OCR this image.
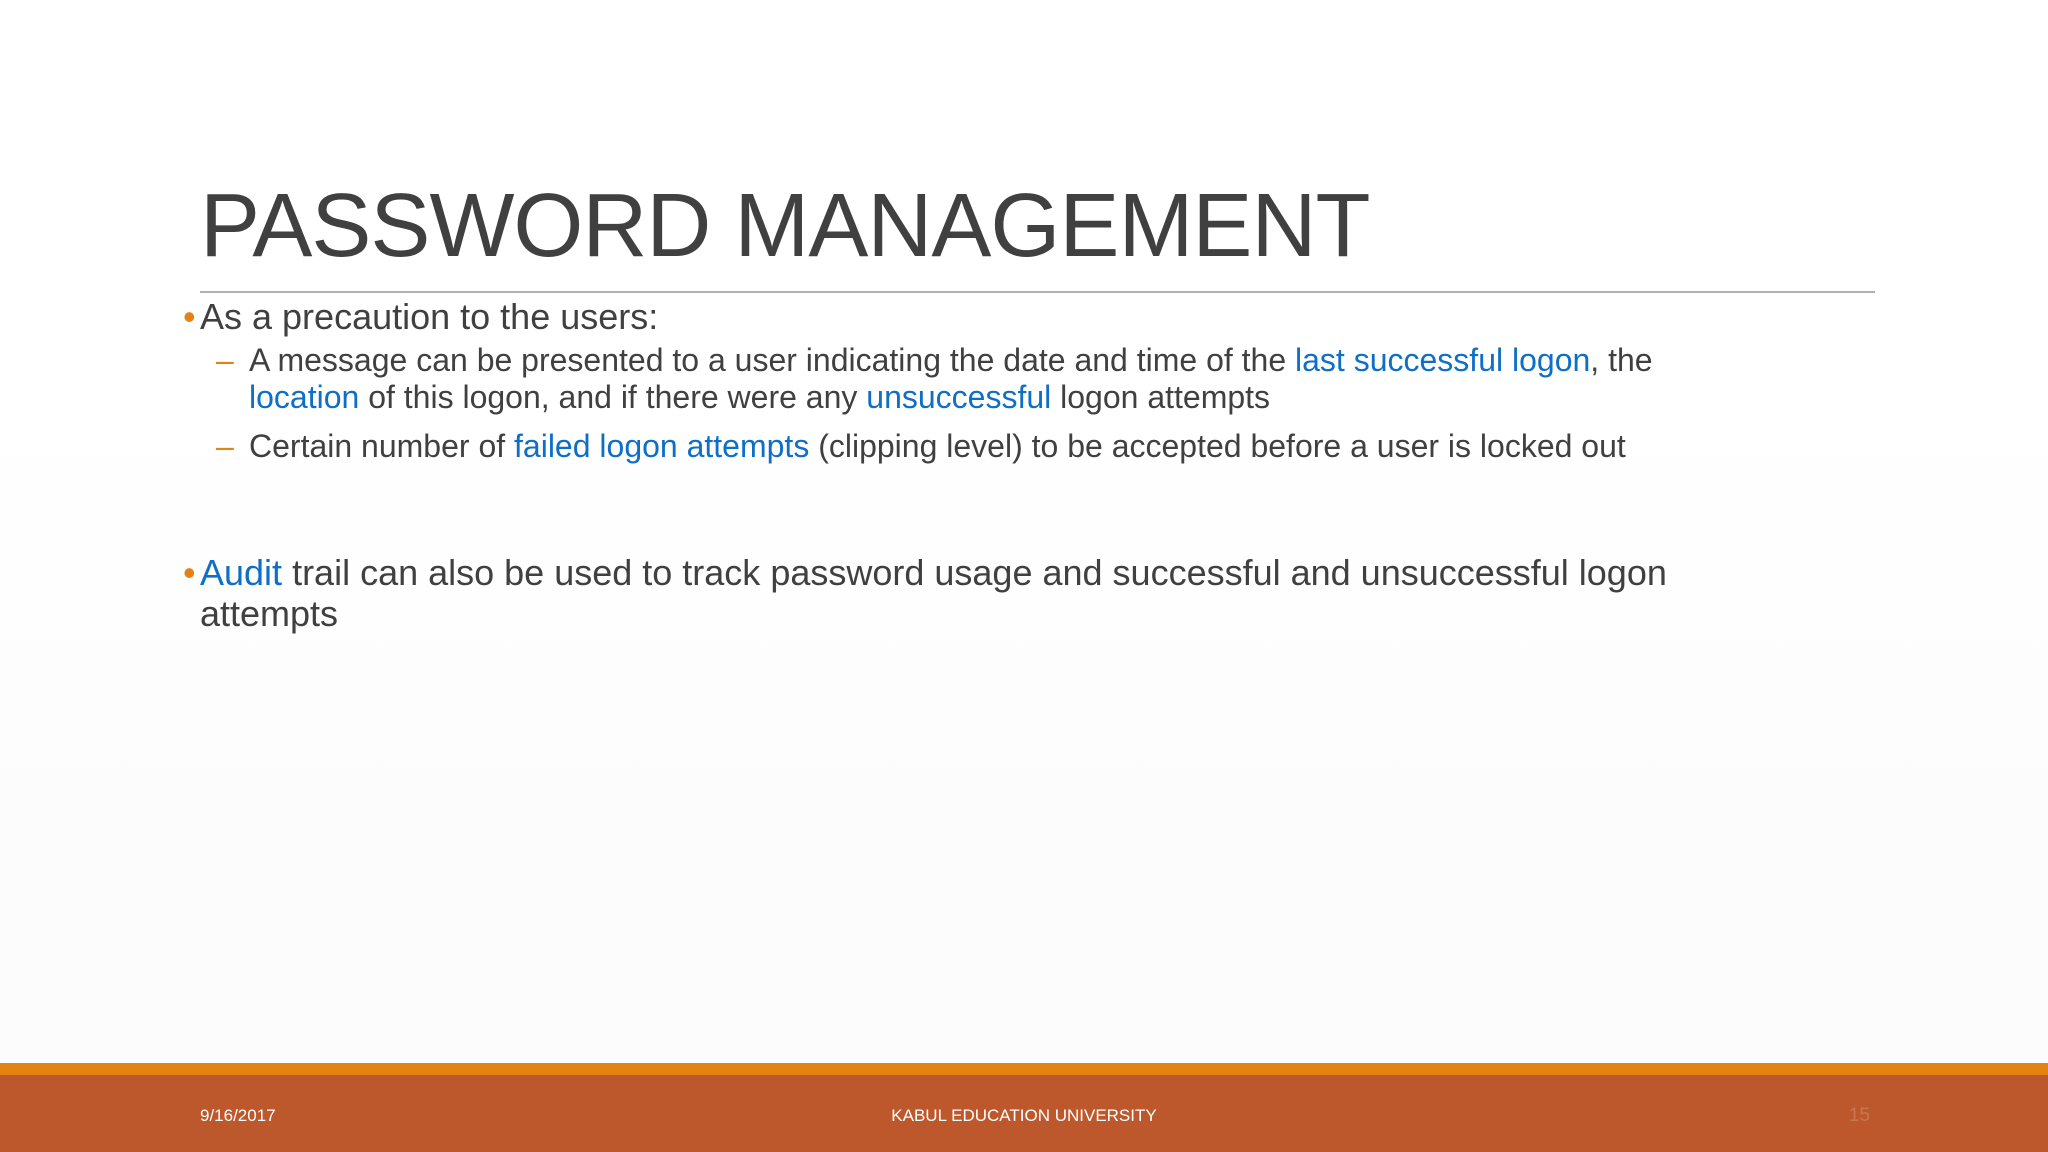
PASSWORD MANAGEMENT
• As a precaution to the users:
– A message can be presented to a user indicating the date and time of the last successful logon, the location of this logon, and if there were any unsuccessful logon attempts
– Certain number of failed logon attempts (clipping level) to be accepted before a user is locked out
• Audit trail can also be used to track password usage and successful and unsuccessful logon attempts
9/16/2017	KABUL EDUCATION UNIVERSITY	15
